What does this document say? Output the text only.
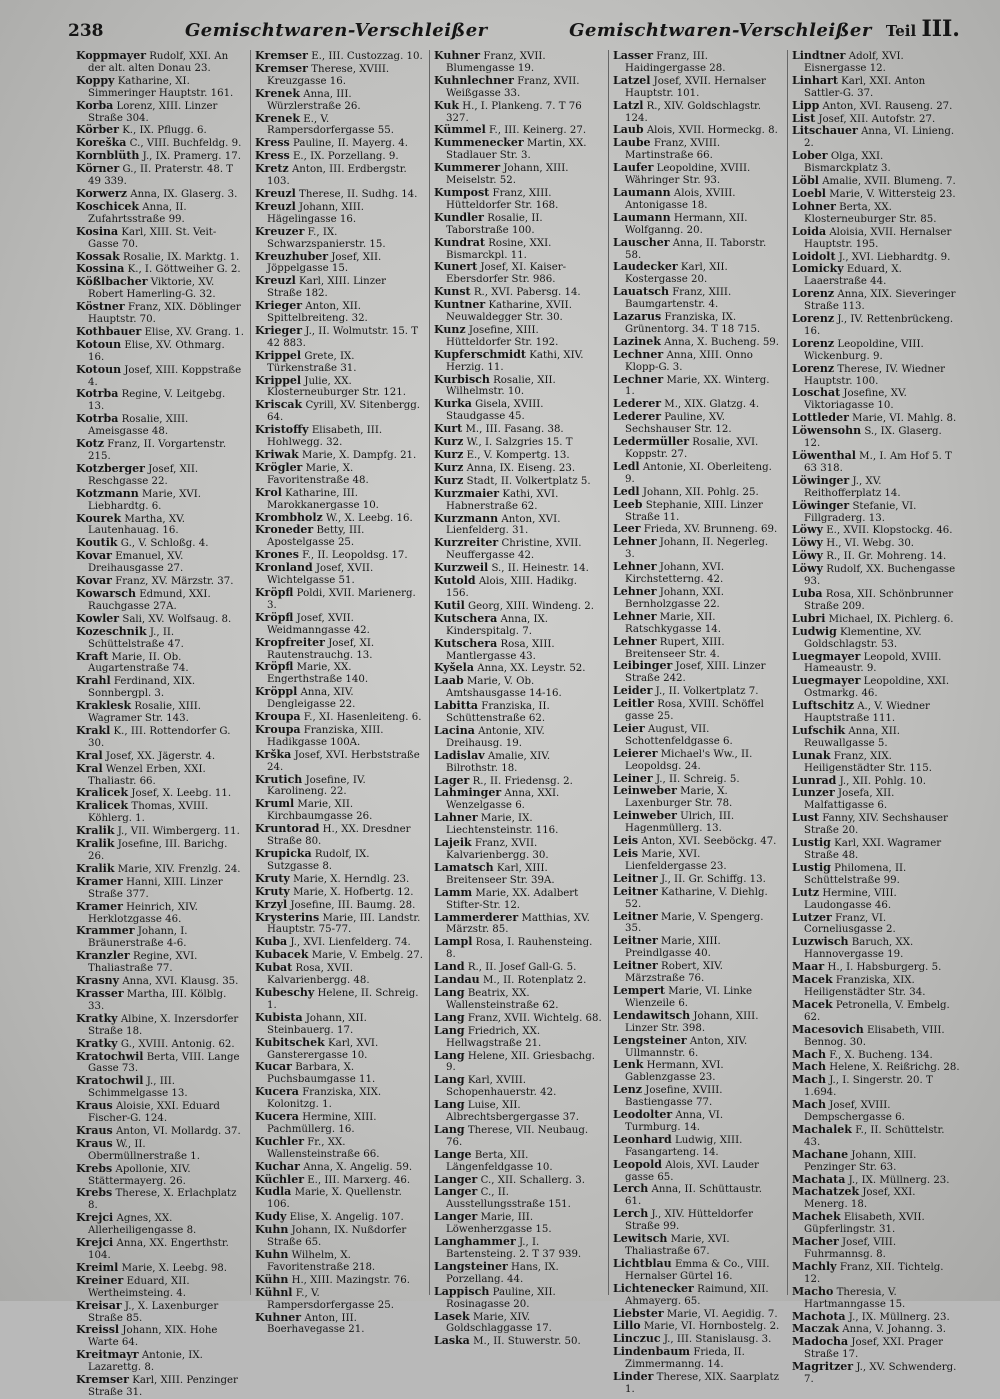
238	Gemischtwaren-Verschleißer	Gemischtwaren-Verschleißer Teil III.

Koppmayer Rudolf, XXI. An der alt. alten Donau 23.

Koppy Katharine, XI. Simmeringer Hauptstr. 161.

Korba Lorenz, XIII. Linzer Straße 304.

Körber K., IX. Pflugg. 6.

Koreška C., VIII. Buchfeldg. 9.

Kornblüth J., IX. Pramerg. 17.

Körner G., II. Praterstr. 48. T 49 339.

Korwerz Anna, IX. Glaserg. 3.

Koschicek Anna, II. Zufahrtsstraße 99.

Kosina Karl, XIII. St. Veit-Gasse 70.

Kossak Rosalie, IX. Marktg. 1.

Kossina K., I. Göttweiher G. 2.

Kößlbacher Viktorie, XV. Robert Hamerling-G. 32.

Köstner Franz, XIX. Döblinger Hauptstr. 70.

Kothbauer Elise, XV. Grang. 1.

Kotoun Elise, XV. Othmarg. 16.

Kotoun Josef, XIII. Koppstraße 4.

Kotrba Regine, V. Leitgebg. 13.

Kotrba Rosalie, XIII. Ameisgasse 48.

Kotz Franz, II. Vorgartenstr. 215.

Kotzberger Josef, XII. Reschgasse 22.

Kotzmann Marie, XVI. Liebhardtg. 6.

Kourek Martha, XV. Lautenhauag. 16.

Koutik G., V. Schloßg. 4.

Kovar Emanuel, XV. Dreihausgasse 27.

Kovar Franz, XV. Märzstr. 37.

Kowarsch Edmund, XXI. Rauchgasse 27A.

Kowler Sali, XV. Wolfsaug. 8.

Kozeschnik J., II. Schüttelstraße 47.

Kraft Marie, II. Ob. Augartenstraße 74.

Krahl Ferdinand, XIX. Sonnbergpl. 3.

Kraklesk Rosalie, XIII. Wagramer Str. 143.

Krakl K., III. Rottendorfer G. 30.

Kral Josef, XX. Jägerstr. 4.

Kral Wenzel Erben, XXI. Thaliastr. 66.

Kralicek Josef, X. Leebg. 11.

Kralicek Thomas, XVIII. Köhlerg. 1.

Kralik J., VII. Wimbergerg. 11.

Kralik Josefine, III. Barichg. 26.

Kralik Marie, XIV. Frenzlg. 24.

Kramer Hanni, XIII. Linzer Straße 377.

Kramer Heinrich, XIV. Herklotzgasse 46.

Krammer Johann, I. Bräunerstraße 4-6.

Kranzler Regine, XVI. Thaliastraße 77.

Krasny Anna, XVI. Klausg. 35.

Krasser Martha, III. Kölblg. 33.

Kratky Albine, X. Inzersdorfer Straße 18.

Kratky G., XVIII. Antonig. 62.

Kratochwil Berta, VIII. Lange Gasse 73.

Kratochwil J., III. Schimmelgasse 13.

Kraus Aloisie, XXI. Eduard Fischer-G. 124.

Kraus Anton, VI. Mollardg. 37.

Kraus W., II. Obermüllnerstraße 1.

Krebs Apollonie, XIV. Stättermayerg. 26.

Krebs Therese, X. Erlachplatz 8.

Krejci Agnes, XX. Allerheiligengasse 8.

Krejci Anna, XX. Engerthstr. 104.

Kreiml Marie, X. Leebg. 98.

Kreiner Eduard, XII. Wertheimsteing. 4.

Kreisar J., X. Laxenburger Straße 85.

Kreissl Johann, XIX. Hohe Warte 64.

Kreitmayr Antonie, IX. Lazarettg. 8.

Kremser Karl, XIII. Penzinger Straße 31.

Kremser E., III. Custozzag. 10.

Kremser Therese, XVIII. Kreuzgasse 16.

Krenek Anna, III. Würzlerstraße 26.

Krenek E., V. Rampersdorfergasse 55.

Kress Pauline, II. Mayerg. 4.

Kress E., IX. Porzellang. 9.

Kretz Anton, III. Erdbergstr. 103.

Kreuzl Therese, II. Sudhg. 14.

Kreuzl Johann, XIII. Hägelingasse 16.

Kreuzer F., IX. Schwarzspanierstr. 15.

Kreuzhuber Josef, XII. Jöppelgasse 15.

Kreuzl Karl, XIII. Linzer Straße 182.

Krieger Anton, XII. Spittelbreiteng. 32.

Krieger J., II. Wolmutstr. 15. T 42 883.

Krippel Grete, IX. Türkenstraße 31.

Krippel Julie, XX. Klosterneuburger Str. 121.

Kriscak Cyrill, XV. Sitenbergg. 64.

Kristoffy Elisabeth, III. Hohlwegg. 32.

Kriwak Marie, X. Dampfg. 21.

Krögler Marie, X. Favoritenstraße 48.

Krol Katharine, III. Marokkanergasse 10.

Krombholz W., X. Leebg. 16.

Kroneder Betty, III. Apostelgasse 25.

Krones F., II. Leopoldsg. 17.

Kronland Josef, XVII. Wichtelgasse 51.

Kröpfl Poldi, XVII. Marienerg. 3.

Kröpfl Josef, XVII. Weidmanngasse 42.

Kropfreiter Josef, XI. Rautenstrauchg. 13.

Kröpfl Marie, XX. Engerthstraße 140.

Kröppl Anna, XIV. Dengleigasse 22.

Kroupa F., XI. Hasenleiteng. 6.

Kroupa Franziska, XIII. Hadikgasse 100A.

Krška Josef, XVI. Herbststraße 24.

Krutich Josefine, IV. Karolineng. 22.

Kruml Marie, XII. Kirchbaumgasse 26.

Kruntorad H., XX. Dresdner Straße 80.

Krupicka Rudolf, IX. Sutzgasse 8.

Kruty Marie, X. Herndlg. 23.

Kruty Marie, X. Hofbertg. 12.

Krzyl Josefine, III. Baumg. 28.

Krysterins Marie, III. Landstr. Hauptstr. 75-77.

Kuba J., XVI. Lienfelderg. 74.

Kubacek Marie, V. Embelg. 27.

Kubat Rosa, XVII. Kalvarienbergg. 48.

Kubeschy Helene, II. Schreig. 1.

Kubista Johann, XII. Steinbauerg. 17.

Kubitschek Karl, XVI. Gansterergasse 10.

Kucar Barbara, X. Puchsbaumgasse 11.

Kucera Franziska, XIX. Kolonitzg. 1.

Kucera Hermine, XIII. Pachmüllerg. 16.

Kuchler Fr., XX. Wallensteinstraße 66.

Kuchar Anna, X. Angelig. 59.

Küchler E., III. Marxerg. 46.

Kudla Marie, X. Quellenstr. 106.

Kudy Elise, X. Angelig. 107.

Kuhn Johann, IX. Nußdorfer Straße 65.

Kuhn Wilhelm, X. Favoritenstraße 218.

Kühn H., XIII. Mazingstr. 76.

Kühnl F., V. Rampersdorfergasse 25.

Kuhner Anton, III. Boerhavegasse 21.

Kuhner Franz, XVII. Blumengasse 19.

Kuhnlechner Franz, XVII. Weißgasse 33.

Kuk H., I. Plankeng. 7. T 76 327.

Kümmel F., III. Keinerg. 27.

Kummenecker Martin, XX. Stadlauer Str. 3.

Kummerer Johann, XIII. Meiselstr. 52.

Kumpost Franz, XIII. Hütteldorfer Str. 168.

Kundler Rosalie, II. Taborstraße 100.

Kundrat Rosine, XXI. Bismarckpl. 11.

Kunert Josef, XI. Kaiser-Ebersdorfer Str. 986.

Kunst R., XVI. Pabersg. 14.

Kuntner Katharine, XVII. Neuwaldegger Str. 30.

Kunz Josefine, XIII. Hütteldorfer Str. 192.

Kupferschmidt Kathi, XIV. Herzig. 11.

Kurbisch Rosalie, XII. Wilhelmstr. 10.

Kurka Gisela, XVIII. Staudgasse 45.

Kurt M., III. Fasang. 38.

Kurz W., I. Salzgries 15. T

Kurz E., V. Kompertg. 13.

Kurz Anna, IX. Eiseng. 23.

Kurz Stadt, II. Volkertplatz 5.

Kurzmaier Kathi, XVI. Habnerstraße 62.

Kurzmann Anton, XVI. Lienfelderg. 31.

Kurzreiter Christine, XVII. Neuffergasse 42.

Kurzweil S., II. Heinestr. 14.

Kutold Alois, XIII. Hadikg. 156.

Kutil Georg, XIII. Windeng. 2.

Kutschera Anna, IX. Kinderspitalg. 7.

Kutschera Rosa, XIII. Mantlergasse 43.

Kyšela Anna, XX. Leystr. 52.

Laab Marie, V. Ob. Amtshausgasse 14-16.

Labitta Franziska, II. Schüttenstraße 62.

Lacina Antonie, XIV. Dreihausg. 19.

Ladislav Amalie, XIV. Bilrothstr. 18.

Lager R., II. Friedensg. 2.

Lahminger Anna, XXI. Wenzelgasse 6.

Lahner Marie, IX. Liechtensteinstr. 116.

Lajeik Franz, XVII. Kalvarienbergg. 30.

Lamatsch Karl, XIII. Breitenseer Str. 39A.

Lamm Marie, XX. Adalbert Stifter-Str. 12.

Lammerderer Matthias, XV. Märzstr. 85.

Lampl Rosa, I. Rauhensteing. 8.

Land R., II. Josef Gall-G. 5.

Landau M., II. Rotenplatz 2.

Lang Beatrix, XX. Wallensteinstraße 62.

Lang Franz, XVII. Wichtelg. 68.

Lang Friedrich, XX. Hellwagstraße 21.

Lang Helene, XII. Griesbachg. 9.

Lang Karl, XVIII. Schopenhauerstr. 42.

Lang Luise, XII. Albrechtsbergergasse 37.

Lang Therese, VII. Neubaug. 76.

Lange Berta, XII. Längenfeldgasse 10.

Langer C., XII. Schallerg. 3.

Langer C., II. Ausstellungsstraße 151.

Langer Marie, III. Löwenherzgasse 15.

Langhammer J., I. Bartensteing. 2. T 37 939.

Langsteiner Hans, IX. Porzellang. 44.

Lappisch Pauline, XII. Rosinagasse 20.

Lasek Marie, XIV. Goldschlaggasse 17.

Laska M., II. Stuwerstr. 50.

Lasser Franz, III. Haidingergasse 28.

Latzel Josef, XVII. Hernalser Hauptstr. 101.

Latzl R., XIV. Goldschlagstr. 124.

Laub Alois, XVII. Hormeckg. 8.

Laube Franz, XVIII. Martinstraße 66.

Laufer Leopoldine, XVIII. Währinger Str. 93.

Laumann Alois, XVIII. Antonigasse 18.

Laumann Hermann, XII. Wolfganng. 20.

Lauscher Anna, II. Taborstr. 58.

Laudecker Karl, XII. Kostergasse 20.

Lauatsch Franz, XIII. Baumgartenstr. 4.

Lazarus Franziska, IX. Grünentorg. 34. T 18 715.

Lazinek Anna, X. Bucheng. 59.

Lechner Anna, XIII. Onno Klopp-G. 3.

Lechner Marie, XX. Winterg. 1.

Lederer M., XIX. Glatzg. 4.

Lederer Pauline, XV. Sechshauser Str. 12.

Ledermüller Rosalie, XVI. Koppstr. 27.

Ledl Antonie, XI. Oberleiteng. 9.

Ledl Johann, XII. Pohlg. 25.

Leeb Stephanie, XIII. Linzer Straße 11.

Leer Frieda, XV. Brunneng. 69.

Lehner Johann, II. Negerleg. 3.

Lehner Johann, XVI. Kirchstetterng. 42.

Lehner Johann, XXI. Bernholzgasse 22.

Lehner Marie, XII. Ratschkygasse 14.

Lehner Rupert, XIII. Breitenseer Str. 4.

Leibinger Josef, XIII. Linzer Straße 242.

Leider J., II. Volkertplatz 7.

Leitler Rosa, XVIII. Schöffel gasse 25.

Leier August, VII. Schottenfeldgasse 6.

Leierer Michael's Ww., II. Leopoldsg. 24.

Leiner J., II. Schreig. 5.

Leinweber Marie, X. Laxenburger Str. 78.

Leinweber Ulrich, III. Hagenmüllerg. 13.

Leis Anton, XVI. Seeböckg. 47.

Leis Marie, XVI. Lienfeldergasse 23.

Leitner J., II. Gr. Schiffg. 13.

Leitner Katharine, V. Diehlg. 52.

Leitner Marie, V. Spengerg. 35.

Leitner Marie, XIII. Preindlgasse 40.

Leitner Robert, XIV. Märzstraße 76.

Lempert Marie, VI. Linke Wienzeile 6.

Lendawitsch Johann, XIII. Linzer Str. 398.

Lengsteiner Anton, XIV. Ullmannstr. 6.

Lenk Hermann, XVI. Gablenzgasse 23.

Lenz Josefine, XVIII. Bastiengasse 77.

Leodolter Anna, VI. Turmburg. 14.

Leonhard Ludwig, XIII. Fasangarteng. 14.

Leopold Alois, XVI. Lauder gasse 65.

Lerch Anna, II. Schüttaustr. 61.

Lerch J., XIV. Hütteldorfer Straße 99.

Lewitsch Marie, XVI. Thaliastraße 67.

Lichtblau Emma & Co., VIII. Hernalser Gürtel 16.

Lichtenecker Raimund, XII. Ahmayerg. 65.

Liebster Marie, VI. Aegidig. 7.

Lillo Marie, VI. Hornbostelg. 2.

Linczuc J., III. Stanislausg. 3.

Lindenbaum Frieda, II. Zimmermanng. 14.

Linder Therese, XIX. Saarplatz 1.

Lindtner Adolf, XVI. Eisnergasse 12.

Linhart Karl, XXI. Anton Sattler-G. 37.

Lipp Anton, XVI. Rauseng. 27.

List Josef, XII. Autofstr. 27.

Litschauer Anna, VI. Linieng. 2.

Lober Olga, XXI. Bismarckplatz 3.

Löbl Amalie, XVII. Blumeng. 7.

Loebl Marie, V. Wittersteig 23.

Lohner Berta, XX. Klosterneuburger Str. 85.

Loida Aloisia, XVII. Hernalser Hauptstr. 195.

Loidolt J., XVI. Liebhardtg. 9.

Lomicky Eduard, X. Laaerstraße 44.

Lorenz Anna, XIX. Sieveringer Straße 113.

Lorenz J., IV. Rettenbrückeng. 16.

Lorenz Leopoldine, VIII. Wickenburg. 9.

Lorenz Therese, IV. Wiedner Hauptstr. 100.

Loschat Josefine, XV. Viktoriagasse 10.

Lottleder Marie, VI. Mahlg. 8.

Löwensohn S., IX. Glaserg. 12.

Löwenthal M., I. Am Hof 5. T 63 318.

Löwinger J., XV. Reithofferplatz 14.

Löwinger Stefanie, VI. Fillgraderg. 13.

Löwy E., XVII. Klopstockg. 46.

Löwy H., VI. Webg. 30.

Löwy R., II. Gr. Mohreng. 14.

Löwy Rudolf, XX. Buchengasse 93.

Luba Rosa, XII. Schönbrunner Straße 209.

Lubri Michael, IX. Pichlerg. 6.

Ludwig Klementine, XV. Goldschlagstr. 53.

Luegmayer Leopold, XVIII. Hameaustr. 9.

Luegmayer Leopoldine, XXI. Ostmarkg. 46.

Luftschitz A., V. Wiedner Hauptstraße 111.

Lufschik Anna, XII. Reuwallgasse 5.

Lunak Franz, XIX. Heiligenstädter Str. 115.

Lunrad J., XII. Pohlg. 10.

Lunzer Josefa, XII. Malfattigasse 6.

Lust Fanny, XIV. Sechshauser Straße 20.

Lustig Karl, XXI. Wagramer Straße 48.

Lustig Philomena, II. Schüttelstraße 99.

Lutz Hermine, VIII. Laudongasse 46.

Lutzer Franz, VI. Corneliusgasse 2.

Luzwisch Baruch, XX. Hannovergasse 19.

Maar H., I. Habsburgerg. 5.

Macek Franziska, XIX. Heiligenstädter Str. 34.

Macek Petronella, V. Embelg. 62.

Macesovich Elisabeth, VIII. Bennog. 30.

Mach F., X. Bucheng. 134.

Mach Helene, X. Reißrichg. 28.

Mach J., I. Singerstr. 20. T 1.694.

Mach Josef, XVIII. Dempschergasse 6.

Machalek F., II. Schüttelstr. 43.

Machane Johann, XIII. Penzinger Str. 63.

Machata J., IX. Müllnerg. 23.

Machatzek Josef, XXI. Menerg. 18.

Machek Elisabeth, XVII. Güpferlingstr. 31.

Macher Josef, VIII. Fuhrmannsg. 8.

Machly Franz, XII. Tichtelg. 12.

Macho Theresia, V. Hartmanngasse 15.

Machota J., IX. Müllnerg. 23.

Maczak Anna, V. Johanng. 3.

Madocha Josef, XXI. Prager Straße 17.

Magritzer J., XV. Schwenderg. 7.
